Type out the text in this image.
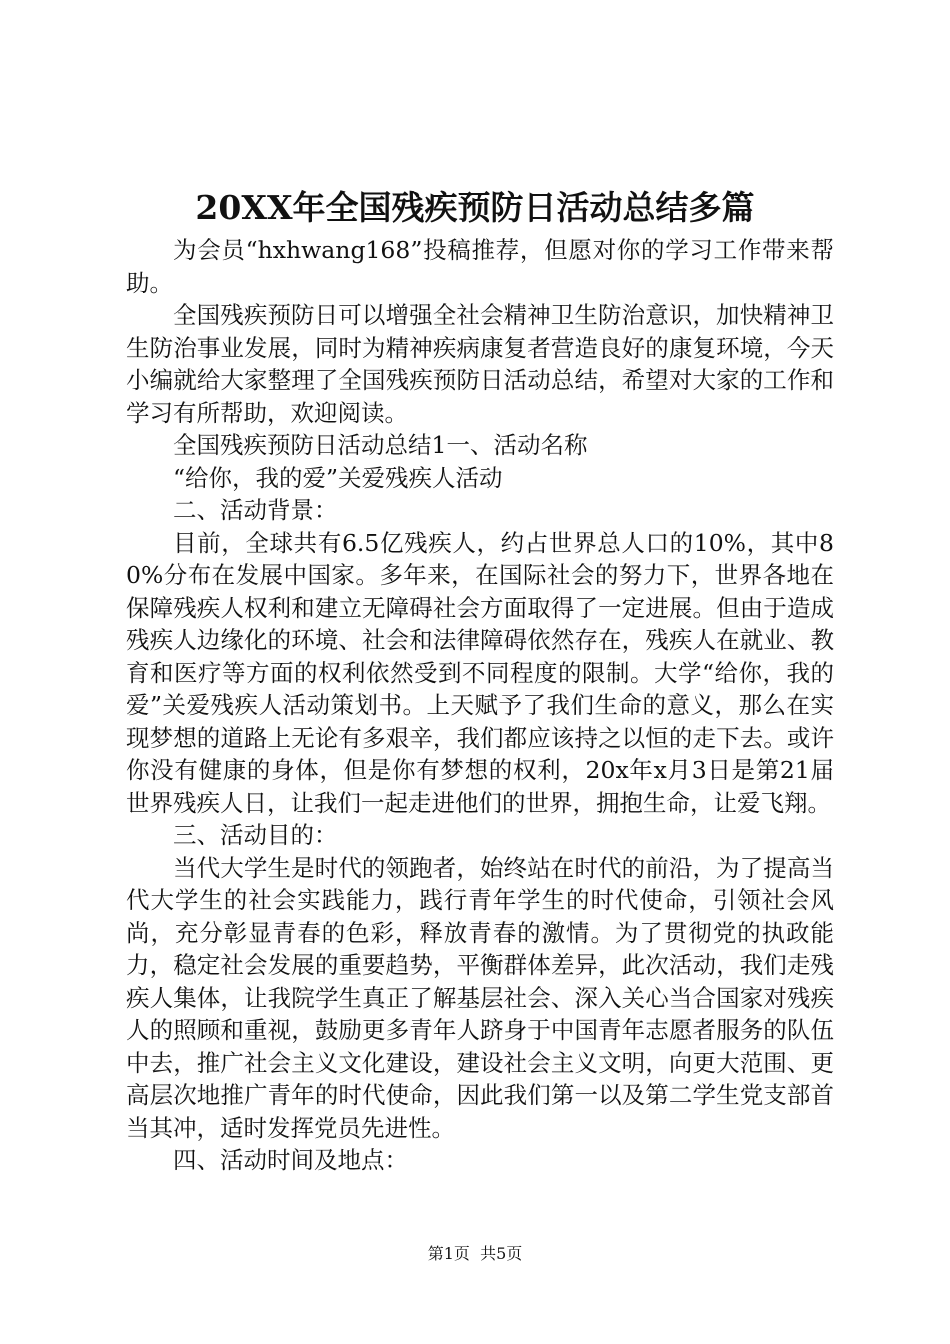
20XX年全国残疾预防日活动总结多篇

为会员“hxhwang168”投稿推荐，但愿对你的学习工作带来帮助。

全国残疾预防日可以增强全社会精神卫生防治意识，加快精神卫生防治事业发展，同时为精神疾病康复者营造良好的康复环境，今天小编就给大家整理了全国残疾预防日活动总结，希望对大家的工作和学习有所帮助，欢迎阅读。

全国残疾预防日活动总结1一、活动名称

“给你，我的爱”关爱残疾人活动

二、活动背景：

目前，全球共有6.5亿残疾人，约占世界总人口的10%，其中80%分布在发展中国家。多年来，在国际社会的努力下，世界各地在保障残疾人权利和建立无障碍社会方面取得了一定进展。但由于造成残疾人边缘化的环境、社会和法律障碍依然存在，残疾人在就业、教育和医疗等方面的权利依然受到不同程度的限制。大学“给你，我的爱”关爱残疾人活动策划书。上天赋予了我们生命的意义，那么在实现梦想的道路上无论有多艰辛，我们都应该持之以恒的走下去。或许你没有健康的身体，但是你有梦想的权利，20x年x月3日是第21届世界残疾人日，让我们一起走进他们的世界，拥抱生命，让爱飞翔。

三、活动目的：

当代大学生是时代的领跑者，始终站在时代的前沿，为了提高当代大学生的社会实践能力，践行青年学生的时代使命，引领社会风尚，充分彰显青春的色彩，释放青春的激情。为了贯彻党的执政能力，稳定社会发展的重要趋势，平衡群体差异，此次活动，我们走残疾人集体，让我院学生真正了解基层社会、深入关心当合国家对残疾人的照顾和重视，鼓励更多青年人跻身于中国青年志愿者服务的队伍中去，推广社会主义文化建设，建设社会主义文明，向更大范围、更高层次地推广青年的时代使命，因此我们第一以及第二学生党支部首当其冲，适时发挥党员先进性。

四、活动时间及地点：

第1页 共5页
